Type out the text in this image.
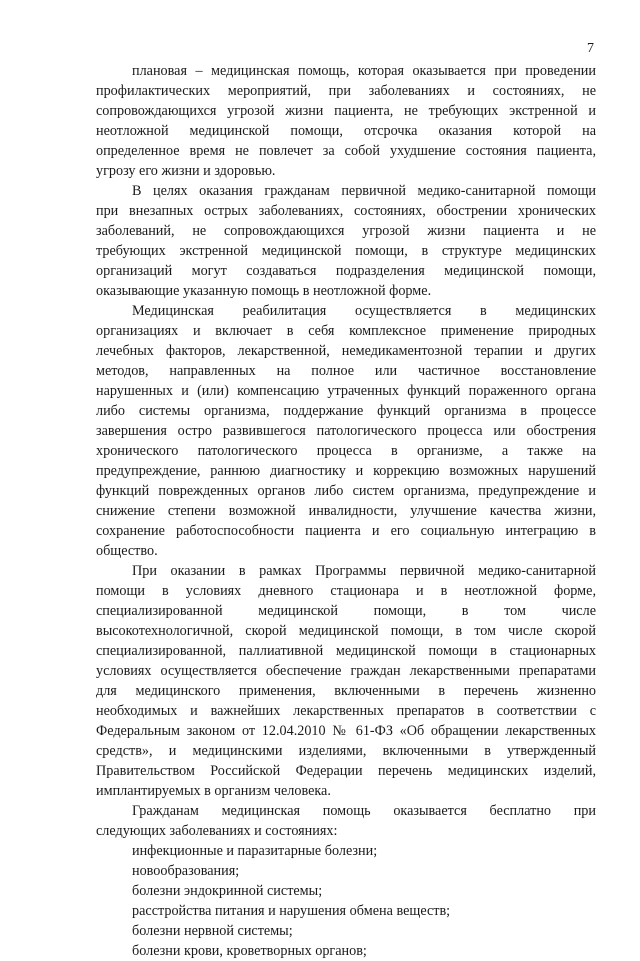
7
плановая – медицинская помощь, которая оказывается при проведении
профилактических мероприятий, при заболеваниях и состояниях, не
сопровождающихся угрозой жизни пациента, не требующих экстренной и
неотложной медицинской помощи, отсрочка оказания которой на
определенное время не повлечет за собой ухудшение состояния пациента,
угрозу его жизни и здоровью.
В целях оказания гражданам первичной медико-санитарной помощи
при внезапных острых заболеваниях, состояниях, обострении хронических
заболеваний, не сопровождающихся угрозой жизни пациента и не
требующих экстренной медицинской помощи, в структуре медицинских
организаций могут создаваться подразделения медицинской помощи,
оказывающие указанную помощь в неотложной форме.
Медицинская реабилитация осуществляется в медицинских
организациях и включает в себя комплексное применение природных
лечебных факторов, лекарственной, немедикаментозной терапии и других
методов, направленных на полное или частичное восстановление
нарушенных и (или) компенсацию утраченных функций пораженного органа
либо системы организма, поддержание функций организма в процессе
завершения остро развившегося патологического процесса или обострения
хронического патологического процесса в организме, а также на
предупреждение, раннюю диагностику и коррекцию возможных нарушений
функций поврежденных органов либо систем организма, предупреждение и
снижение степени возможной инвалидности, улучшение качества жизни,
сохранение работоспособности пациента и его социальную интеграцию в
общество.
При оказании в рамках Программы первичной медико-санитарной
помощи в условиях дневного стационара и в неотложной форме,
специализированной медицинской помощи, в том числе
высокотехнологичной, скорой медицинской помощи, в том числе скорой
специализированной, паллиативной медицинской помощи в стационарных
условиях осуществляется обеспечение граждан лекарственными препаратами
для медицинского применения, включенными в перечень жизненно
необходимых и важнейших лекарственных препаратов в соответствии с
Федеральным законом от 12.04.2010 № 61-ФЗ «Об обращении лекарственных
средств», и медицинскими изделиями, включенными в утвержденный
Правительством Российской Федерации перечень медицинских изделий,
имплантируемых в организм человека.
Гражданам медицинская помощь оказывается бесплатно при
следующих заболеваниях и состояниях:
инфекционные и паразитарные болезни;
новообразования;
болезни эндокринной системы;
расстройства питания и нарушения обмена веществ;
болезни нервной системы;
болезни крови, кроветворных органов;
